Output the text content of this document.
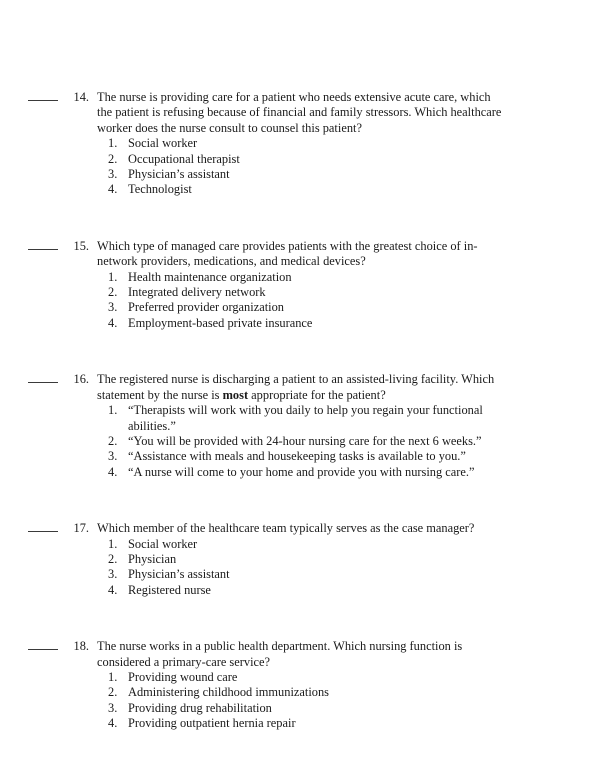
14. The nurse is providing care for a patient who needs extensive acute care, which the patient is refusing because of financial and family stressors. Which healthcare worker does the nurse consult to counsel this patient?
1. Social worker
2. Occupational therapist
3. Physician’s assistant
4. Technologist
15. Which type of managed care provides patients with the greatest choice of in-network providers, medications, and medical devices?
1. Health maintenance organization
2. Integrated delivery network
3. Preferred provider organization
4. Employment-based private insurance
16. The registered nurse is discharging a patient to an assisted-living facility. Which statement by the nurse is most appropriate for the patient?
1. “Therapists will work with you daily to help you regain your functional abilities.”
2. “You will be provided with 24-hour nursing care for the next 6 weeks.”
3. “Assistance with meals and housekeeping tasks is available to you.”
4. “A nurse will come to your home and provide you with nursing care.”
17. Which member of the healthcare team typically serves as the case manager?
1. Social worker
2. Physician
3. Physician’s assistant
4. Registered nurse
18. The nurse works in a public health department. Which nursing function is considered a primary-care service?
1. Providing wound care
2. Administering childhood immunizations
3. Providing drug rehabilitation
4. Providing outpatient hernia repair
